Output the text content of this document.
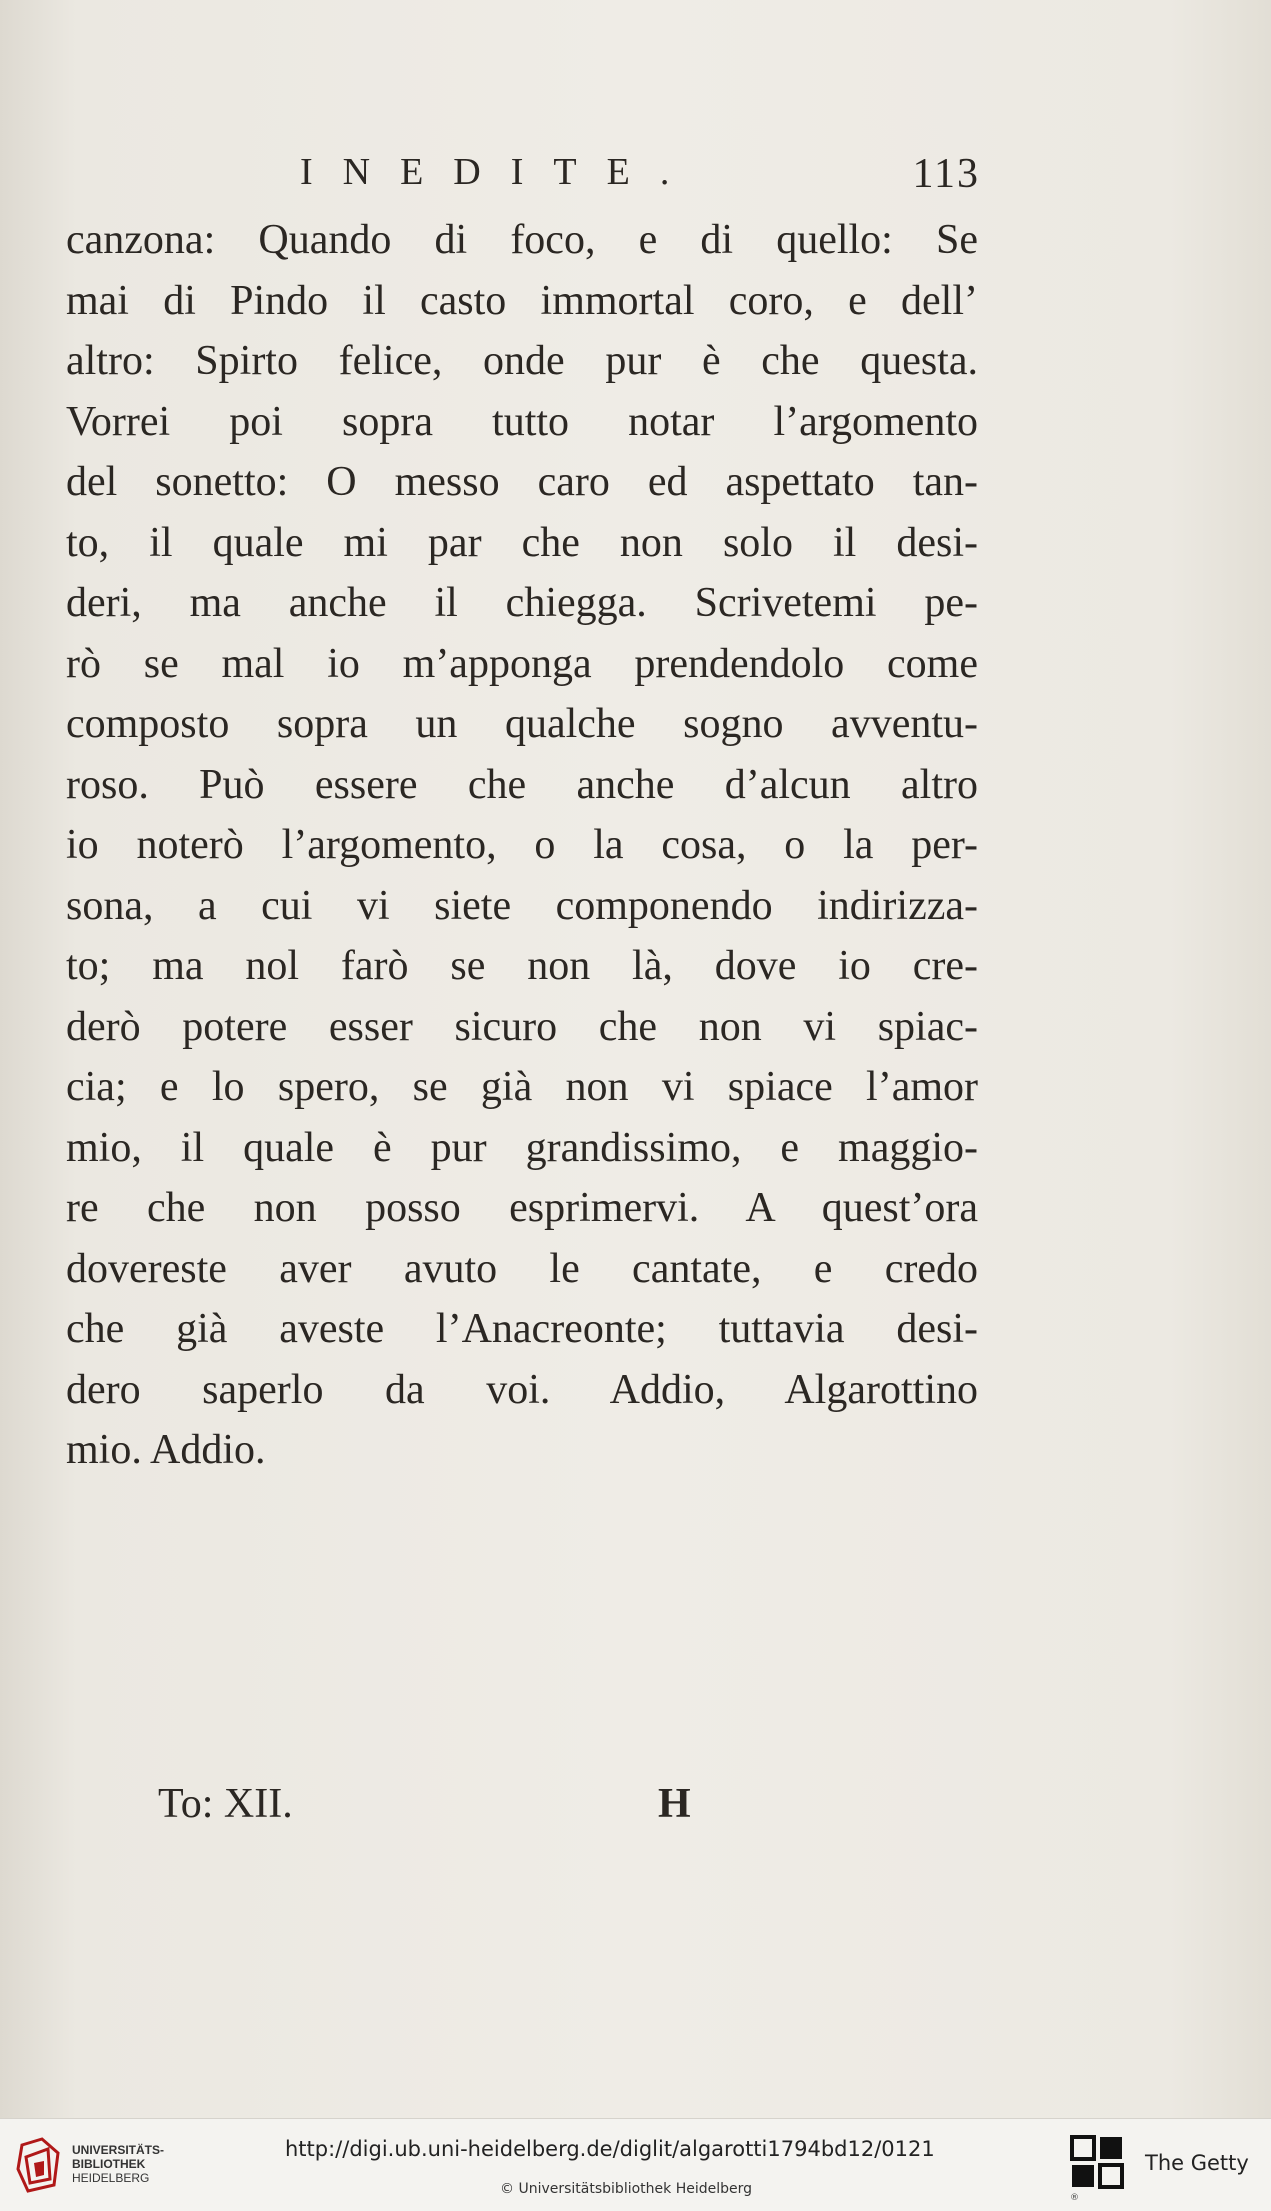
INEDITE.	113
canzona: Quando di foco, e di quello: Se
mai di Pindo il casto immortal coro, e dell’
altro: Spirto felice, onde pur è che questa.
Vorrei poi sopra tutto notar l’argomento
del sonetto: O messo caro ed aspettato tan-
to, il quale mi par che non solo il desi-
deri, ma anche il chiegga. Scrivetemi pe-
rò se mal io m’apponga prendendolo come
composto sopra un qualche sogno avventu-
roso. Può essere che anche d’alcun altro
io noterò l’argomento, o la cosa, o la per-
sona, a cui vi siete componendo indirizza-
to; ma nol farò se non là, dove io cre-
derò potere esser sicuro che non vi spiac-
cia; e lo spero, se già non vi spiace l’amor
mio, il quale è pur grandissimo, e maggio-
re che non posso esprimervi. A quest’ora
dovereste aver avuto le cantate, e credo
che già aveste l’Anacreonte; tuttavia desi-
dero saperlo da voi. Addio, Algarottino
mio. Addio.
To: XII.	H
UNIVERSITÄTS-
BIBLIOTHEK
HEIDELBERG
http://digi.ub.uni-heidelberg.de/diglit/algarotti1794bd12/0121
© Universitätsbibliothek Heidelberg
®
The Getty
